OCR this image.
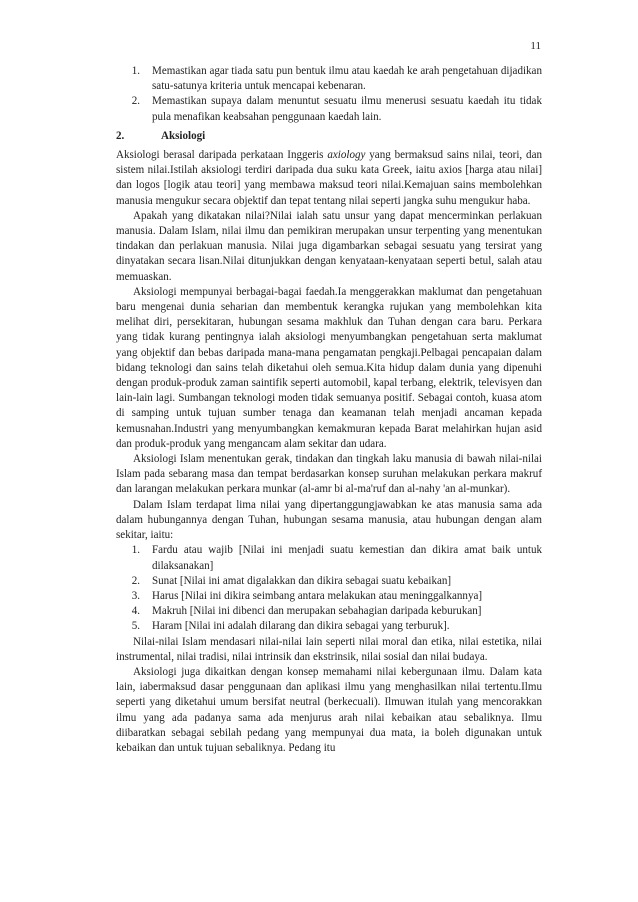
11
1.	Memastikan agar tiada satu pun bentuk ilmu atau kaedah ke arah pengetahuan dijadikan satu-satunya kriteria untuk mencapai kebenaran.
2.	Memastikan supaya dalam menuntut sesuatu ilmu menerusi sesuatu kaedah itu tidak pula menafikan keabsahan penggunaan kaedah lain.
2.	Aksiologi

Aksiologi berasal daripada perkataan Inggeris axiology yang bermaksud sains nilai, teori, dan sistem nilai.Istilah aksiologi terdiri daripada dua suku kata Greek, iaitu axios [harga atau nilai] dan logos [logik atau teori] yang membawa maksud teori nilai.Kemajuan sains membolehkan manusia mengukur secara objektif dan tepat tentang nilai seperti jangka suhu mengukur haba.

Apakah yang dikatakan nilai?Nilai ialah satu unsur yang dapat mencerminkan perlakuan manusia. Dalam Islam, nilai ilmu dan pemikiran merupakan unsur terpenting yang menentukan tindakan dan perlakuan manusia. Nilai juga digambarkan sebagai sesuatu yang tersirat yang dinyatakan secara lisan.Nilai ditunjukkan dengan kenyataan-kenyataan seperti betul, salah atau memuaskan.

Aksiologi mempunyai berbagai-bagai faedah.Ia menggerakkan maklumat dan pengetahuan baru mengenai dunia seharian dan membentuk kerangka rujukan yang membolehkan kita melihat diri, persekitaran, hubungan sesama makhluk dan Tuhan dengan cara baru. Perkara yang tidak kurang pentingnya ialah aksiologi menyumbangkan pengetahuan serta maklumat yang objektif dan bebas daripada mana-mana pengamatan pengkaji.Pelbagai pencapaian dalam bidang teknologi dan sains telah diketahui oleh semua.Kita hidup dalam dunia yang dipenuhi dengan produk-produk zaman saintifik seperti automobil, kapal terbang, elektrik, televisyen dan lain-lain lagi. Sumbangan teknologi moden tidak semuanya positif. Sebagai contoh, kuasa atom di samping untuk tujuan sumber tenaga dan keamanan telah menjadi ancaman kepada kemusnahan.Industri yang menyumbangkan kemakmuran kepada Barat melahirkan hujan asid dan produk-produk yang mengancam alam sekitar dan udara.

Aksiologi Islam menentukan gerak, tindakan dan tingkah laku manusia di bawah nilai-nilai Islam pada sebarang masa dan tempat berdasarkan konsep suruhan melakukan perkara makruf dan larangan melakukan perkara munkar (al-amr bi al-ma'ruf dan al-nahy 'an al-munkar).

Dalam Islam terdapat lima nilai yang dipertanggungjawabkan ke atas manusia sama ada dalam hubungannya dengan Tuhan, hubungan sesama manusia, atau hubungan dengan alam sekitar, iaitu:

1.	Fardu atau wajib [Nilai ini menjadi suatu kemestian dan dikira amat baik untuk dilaksanakan]
2.	Sunat [Nilai ini amat digalakkan dan dikira sebagai suatu kebaikan]
3.	Harus [Nilai ini dikira seimbang antara melakukan atau meninggalkannya]
4.	Makruh [Nilai ini dibenci dan merupakan sebahagian daripada keburukan]
5.	Haram [Nilai ini adalah dilarang dan dikira sebagai yang terburuk].

Nilai-nilai Islam mendasari nilai-nilai lain seperti nilai moral dan etika, nilai estetika, nilai instrumental, nilai tradisi, nilai intrinsik dan ekstrinsik, nilai sosial dan nilai budaya.

Aksiologi juga dikaitkan dengan konsep memahami nilai kebergunaan ilmu. Dalam kata lain, iabermaksud dasar penggunaan dan aplikasi ilmu yang menghasilkan nilai tertentu.Ilmu seperti yang diketahui umum bersifat neutral (berkecuali). Ilmuwan itulah yang mencorakkan ilmu yang ada padanya sama ada menjurus arah nilai kebaikan atau sebaliknya. Ilmu diibaratkan sebagai sebilah pedang yang mempunyai dua mata, ia boleh digunakan untuk kebaikan dan untuk tujuan sebaliknya. Pedang itu
